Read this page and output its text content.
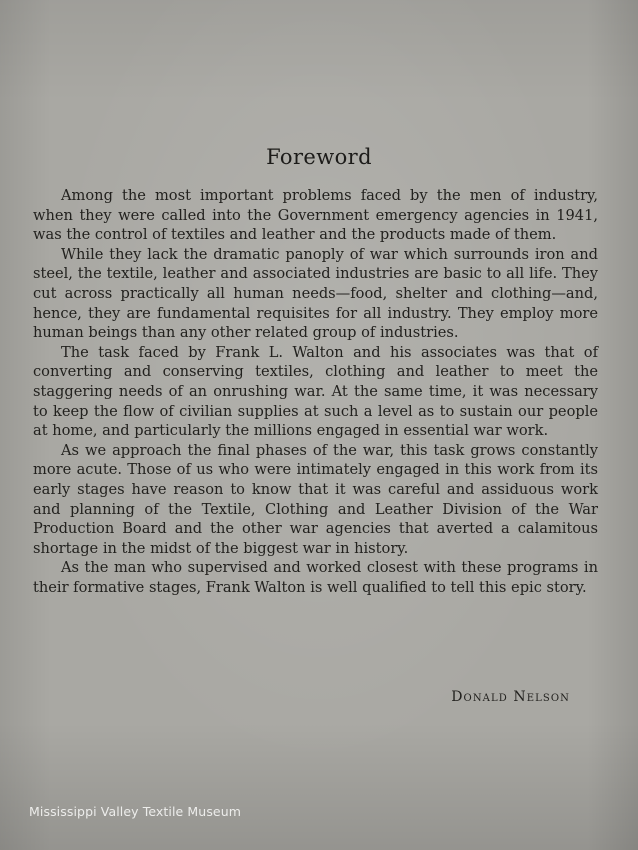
Foreword

Among the most important problems faced by the men of industry, when they were called into the Government emergency agencies in 1941, was the control of textiles and leather and the products made of them.

While they lack the dramatic panoply of war which surrounds iron and steel, the textile, leather and associated industries are basic to all life. They cut across practically all human needs—food, shelter and clothing—and, hence, they are fundamental requisites for all industry. They employ more human beings than any other related group of industries.

The task faced by Frank L. Walton and his associates was that of converting and conserving textiles, clothing and leather to meet the staggering needs of an onrushing war. At the same time, it was necessary to keep the flow of civilian supplies at such a level as to sustain our people at home, and particularly the millions engaged in essential war work.

As we approach the final phases of the war, this task grows constantly more acute. Those of us who were intimately engaged in this work from its early stages have reason to know that it was careful and assiduous work and planning of the Textile, Clothing and Leather Division of the War Production Board and the other war agencies that averted a calamitous shortage in the midst of the biggest war in history.

As the man who supervised and worked closest with these programs in their formative stages, Frank Walton is well qualified to tell this epic story.

Donald Nelson
Mississippi Valley Textile Museum
